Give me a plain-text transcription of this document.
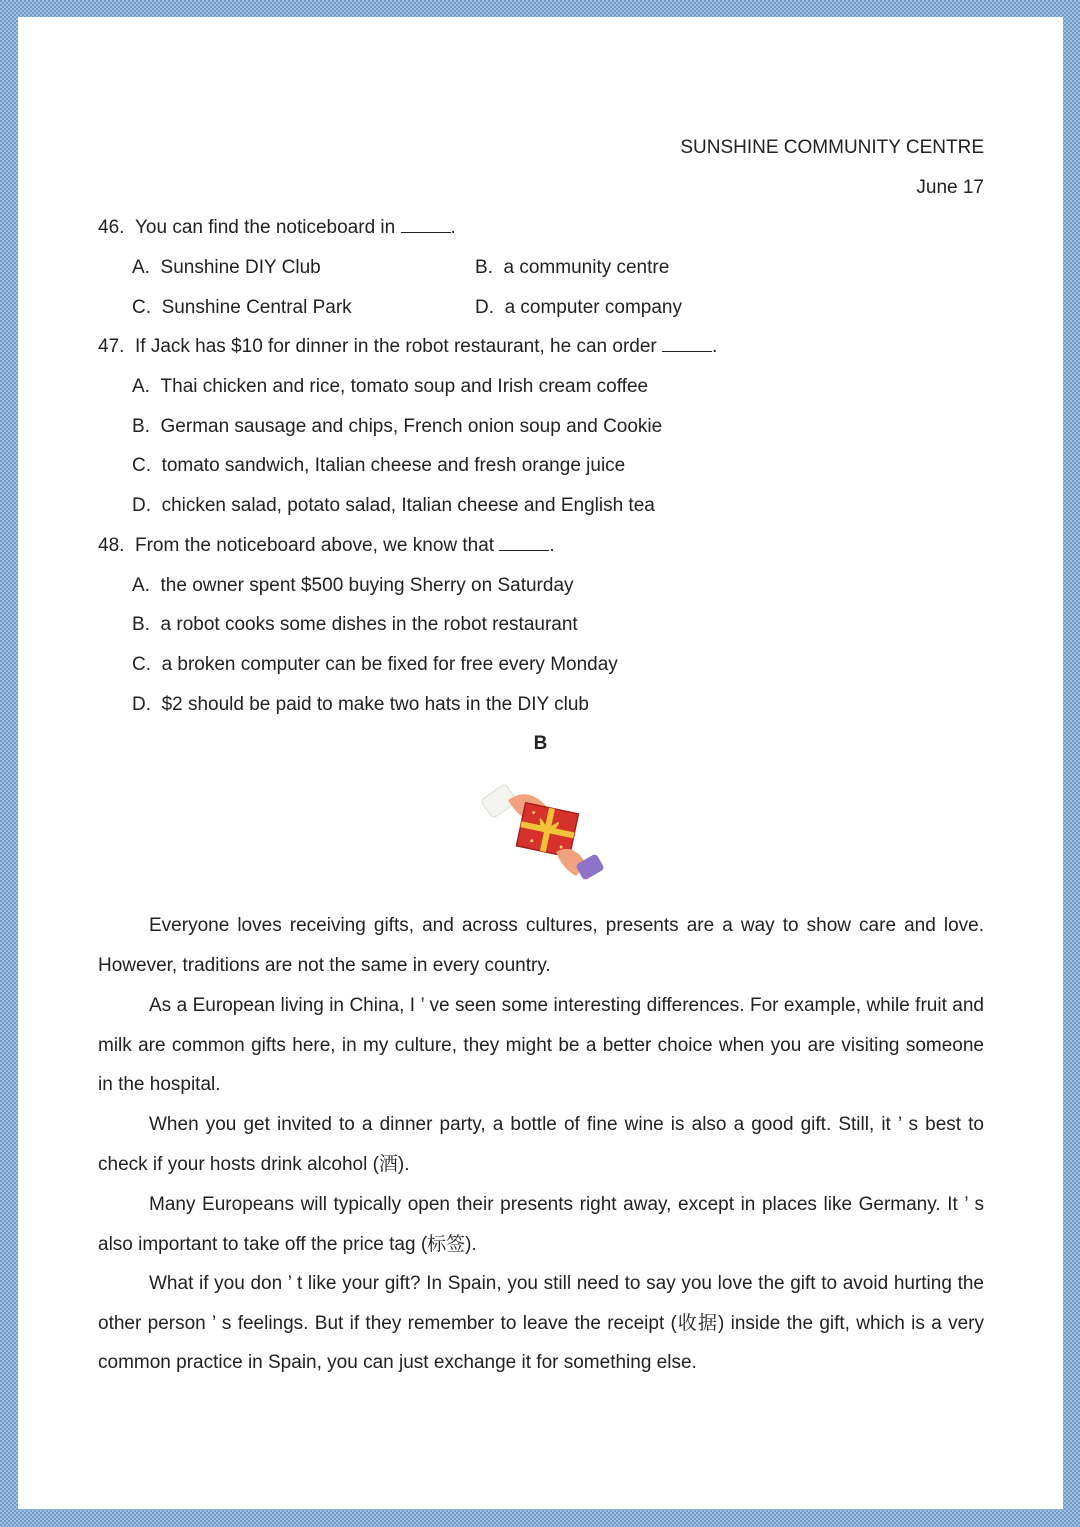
SUNSHINE COMMUNITY CENTRE
June 17
46. You can find the noticeboard in	.
A. Sunshine DIY Club	B. a community centre
C. Sunshine Central Park	D. a computer company
47. If Jack has $10 for dinner in the robot restaurant, he can order	.
A. Thai chicken and rice, tomato soup and Irish cream coffee
B. German sausage and chips, French onion soup and Cookie
C. tomato sandwich, Italian cheese and fresh orange juice
D. chicken salad, potato salad, Italian cheese and English tea
48. From the noticeboard above, we know that	.
A. the owner spent $500 buying Sherry on Saturday
B. a robot cooks some dishes in the robot restaurant
C. a broken computer can be fixed for free every Monday
D. $2 should be paid to make two hats in the DIY club
B
Everyone loves receiving gifts, and across cultures, presents are a way to show care and love. However, traditions are not the same in every country.
As a European living in China, I ’ ve seen some interesting differences. For example, while fruit and milk are common gifts here, in my culture, they might be a better choice when you are visiting someone in the hospital.
When you get invited to a dinner party, a bottle of fine wine is also a good gift. Still, it ’ s best to check if your hosts drink alcohol (酒).
Many Europeans will typically open their presents right away, except in places like Germany. It ’ s also important to take off the price tag (标签).
What if you don ’ t like your gift? In Spain, you still need to say you love the gift to avoid hurting the other person ’ s feelings. But if they remember to leave the receipt (收据) inside the gift, which is a very common practice in Spain, you can just exchange it for something else.
